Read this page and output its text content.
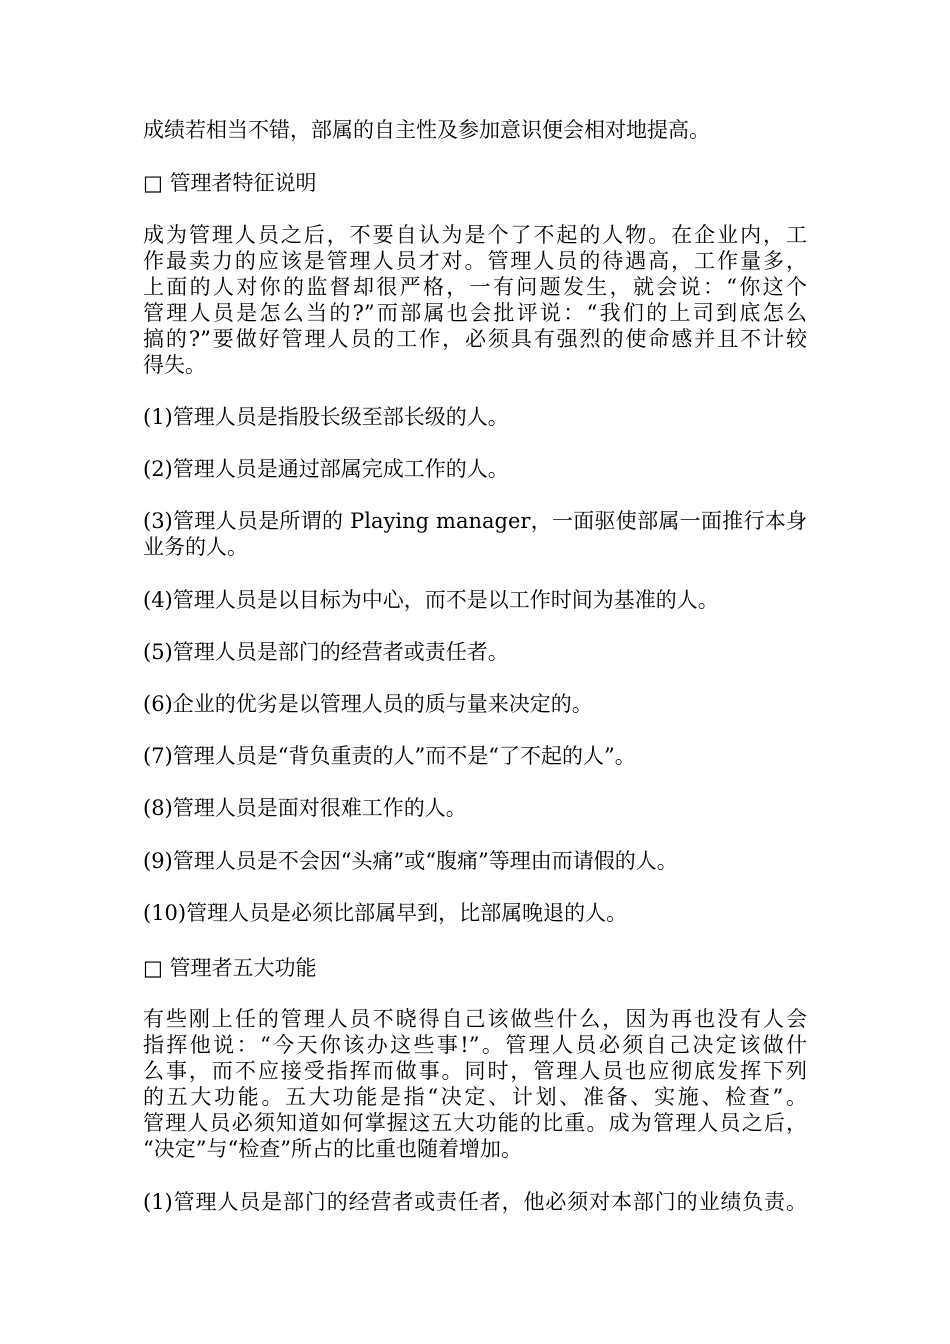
成绩若相当不错，部属的自主性及参加意识便会相对地提高。
□ 管理者特征说明
成为管理人员之后，不要自认为是个了不起的人物。在企业内，工
作最卖力的应该是管理人员才对。管理人员的待遇高，工作量多，
上面的人对你的监督却很严格，一有问题发生，就会说：“你这个
管理人员是怎么当的?”而部属也会批评说：“我们的上司到底怎么
搞的?”要做好管理人员的工作，必须具有强烈的使命感并且不计较
得失。
(1)管理人员是指股长级至部长级的人。
(2)管理人员是通过部属完成工作的人。
(3)管理人员是所谓的 Playing manager，一面驱使部属一面推行本身
业务的人。
(4)管理人员是以目标为中心，而不是以工作时间为基准的人。
(5)管理人员是部门的经营者或责任者。
(6)企业的优劣是以管理人员的质与量来决定的。
(7)管理人员是“背负重责的人”而不是“了不起的人”。
(8)管理人员是面对很难工作的人。
(9)管理人员是不会因“头痛”或“腹痛”等理由而请假的人。
(10)管理人员是必须比部属早到，比部属晚退的人。
□ 管理者五大功能
有些刚上任的管理人员不晓得自己该做些什么，因为再也没有人会
指挥他说：“今天你该办这些事!”。管理人员必须自己决定该做什
么事，而不应接受指挥而做事。同时，管理人员也应彻底发挥下列
的五大功能。五大功能是指“决定、计划、准备、实施、检查”。
管理人员必须知道如何掌握这五大功能的比重。成为管理人员之后，
“决定”与“检查”所占的比重也随着增加。
(1)管理人员是部门的经营者或责任者，他必须对本部门的业绩负责。
